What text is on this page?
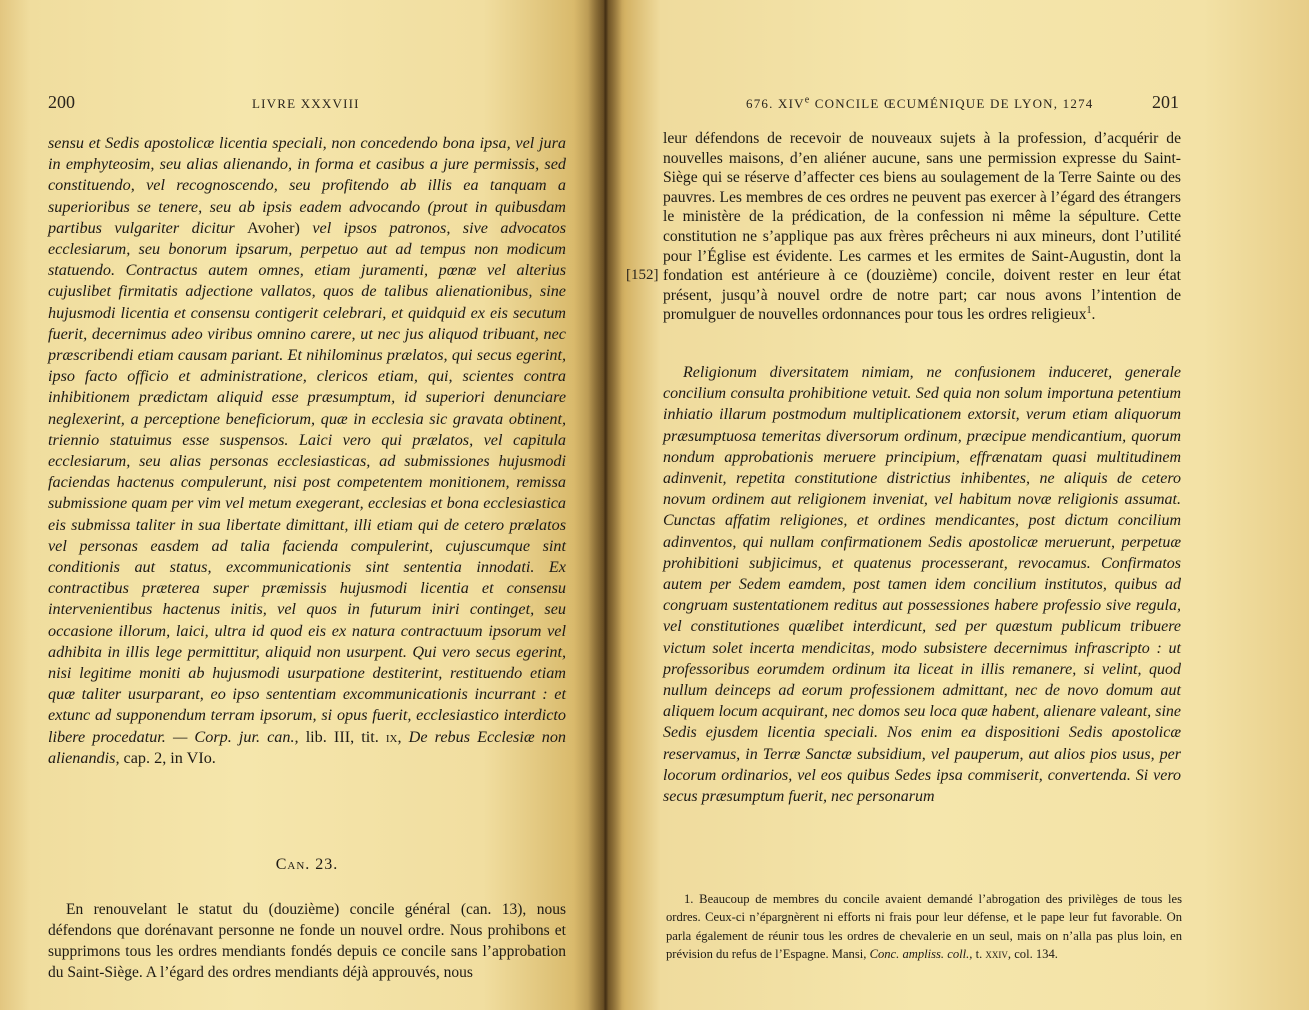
200	LIVRE XXXVIII

sensu et Sedis apostolicæ licentia speciali, non concedendo bona ipsa, vel jura in emphyteosim, seu alias alienando, in forma et casibus a jure permissis, sed constituendo, vel recognoscendo, seu profitendo ab illis ea tanquam a superioribus se tenere, seu ab ipsis eadem advocando (prout in quibusdam partibus vulgariter dicitur Avoher) vel ipsos patronos, sive advocatos ecclesiarum, seu bonorum ipsarum, perpetuo aut ad tempus non modicum statuendo. Contractus autem omnes, etiam juramenti, pœnæ vel alterius cujuslibet firmitatis adjectione vallatos, quos de talibus alienationibus, sine hujusmodi licentia et consensu contigerit celebrari, et quidquid ex eis secutum fuerit, decernimus adeo viribus omnino carere, ut nec jus aliquod tribuant, nec præscribendi etiam causam pariant. Et nihilominus prælatos, qui secus egerint, ipso facto officio et administratione, clericos etiam, qui, scientes contra inhibitionem prædictam aliquid esse præsumptum, id superiori denunciare neglexerint, a perceptione beneficiorum, quæ in ecclesia sic gravata obtinent, triennio statuimus esse suspensos. Laici vero qui prælatos, vel capitula ecclesiarum, seu alias personas ecclesiasticas, ad submissiones hujusmodi faciendas hactenus compulerunt, nisi post competentem monitionem, remissa submissione quam per vim vel metum exegerant, ecclesias et bona ecclesiastica eis submissa taliter in sua libertate dimittant, illi etiam qui de cetero prælatos vel personas easdem ad talia facienda compulerint, cujuscumque sint conditionis aut status, excommunicationis sint sententia innodati. Ex contractibus præterea super præmissis hujusmodi licentia et consensu intervenientibus hactenus initis, vel quos in futurum iniri continget, seu occasione illorum, laici, ultra id quod eis ex natura contractuum ipsorum vel adhibita in illis lege permittitur, aliquid non usurpent. Qui vero secus egerint, nisi legitime moniti ab hujusmodi usurpatione destiterint, restituendo etiam quæ taliter usurparant, eo ipso sententiam excommunicationis incurrant : et extunc ad supponendum terram ipsorum, si opus fuerit, ecclesiastico interdicto libere procedatur. — Corp. jur. can., lib. III, tit. ix, De rebus Ecclesiæ non alienandis, cap. 2, in VIo.

Can. 23.

En renouvelant le statut du (douzième) concile général (can. 13), nous défendons que dorénavant personne ne fonde un nouvel ordre. Nous prohibons et supprimons tous les ordres mendiants fondés depuis ce concile sans l’approbation du Saint-Siège. A l’égard des ordres mendiants déjà approuvés, nous

676. XIVe CONCILE ŒCUMÉNIQUE DE LYON, 1274	201
[152]

leur défendons de recevoir de nouveaux sujets à la profession, d’acquérir de nouvelles maisons, d’en aliéner aucune, sans une permission expresse du Saint-Siège qui se réserve d’affecter ces biens au soulagement de la Terre Sainte ou des pauvres. Les membres de ces ordres ne peuvent pas exercer à l’égard des étrangers le ministère de la prédication, de la confession ni même la sépulture. Cette constitution ne s’applique pas aux frères prêcheurs ni aux mineurs, dont l’utilité pour l’Église est évidente. Les carmes et les ermites de Saint-Augustin, dont la fondation est antérieure à ce (douzième) concile, doivent rester en leur état présent, jusqu’à nouvel ordre de notre part; car nous avons l’intention de promulguer de nouvelles ordonnances pour tous les ordres religieux$^1$.

Religionum diversitatem nimiam, ne confusionem induceret, generale concilium consulta prohibitione vetuit. Sed quia non solum importuna petentium inhiatio illarum postmodum multiplicationem extorsit, verum etiam aliquorum præsumptuosa temeritas diversorum ordinum, præcipue mendicantium, quorum nondum approbationis meruere principium, effrænatam quasi multitudinem adinvenit, repetita constitutione districtius inhibentes, ne aliquis de cetero novum ordinem aut religionem inveniat, vel habitum novæ religionis assumat. Cunctas affatim religiones, et ordines mendicantes, post dictum concilium adinventos, qui nullam confirmationem Sedis apostolicæ meruerunt, perpetuæ prohibitioni subjicimus, et quatenus processerant, revocamus. Confirmatos autem per Sedem eamdem, post tamen idem concilium institutos, quibus ad congruam sustentationem reditus aut possessiones habere professio sive regula, vel constitutiones quælibet interdicunt, sed per quæstum publicum tribuere victum solet incerta mendicitas, modo subsistere decernimus infrascripto : ut professoribus eorumdem ordinum ita liceat in illis remanere, si velint, quod nullum deinceps ad eorum professionem admittant, nec de novo domum aut aliquem locum acquirant, nec domos seu loca quæ habent, alienare valeant, sine Sedis ejusdem licentia speciali. Nos enim ea dispositioni Sedis apostolicæ reservamus, in Terræ Sanctæ subsidium, vel pauperum, aut alios pios usus, per locorum ordinarios, vel eos quibus Sedes ipsa commiserit, convertenda. Si vero secus præsumptum fuerit, nec personarum

1. Beaucoup de membres du concile avaient demandé l’abrogation des privilèges de tous les ordres. Ceux-ci n’épargnèrent ni efforts ni frais pour leur défense, et le pape leur fut favorable. On parla également de réunir tous les ordres de chevalerie en un seul, mais on n’alla pas plus loin, en prévision du refus de l’Espagne. Mansi, Conc. ampliss. coll., t. xxiv, col. 134.
